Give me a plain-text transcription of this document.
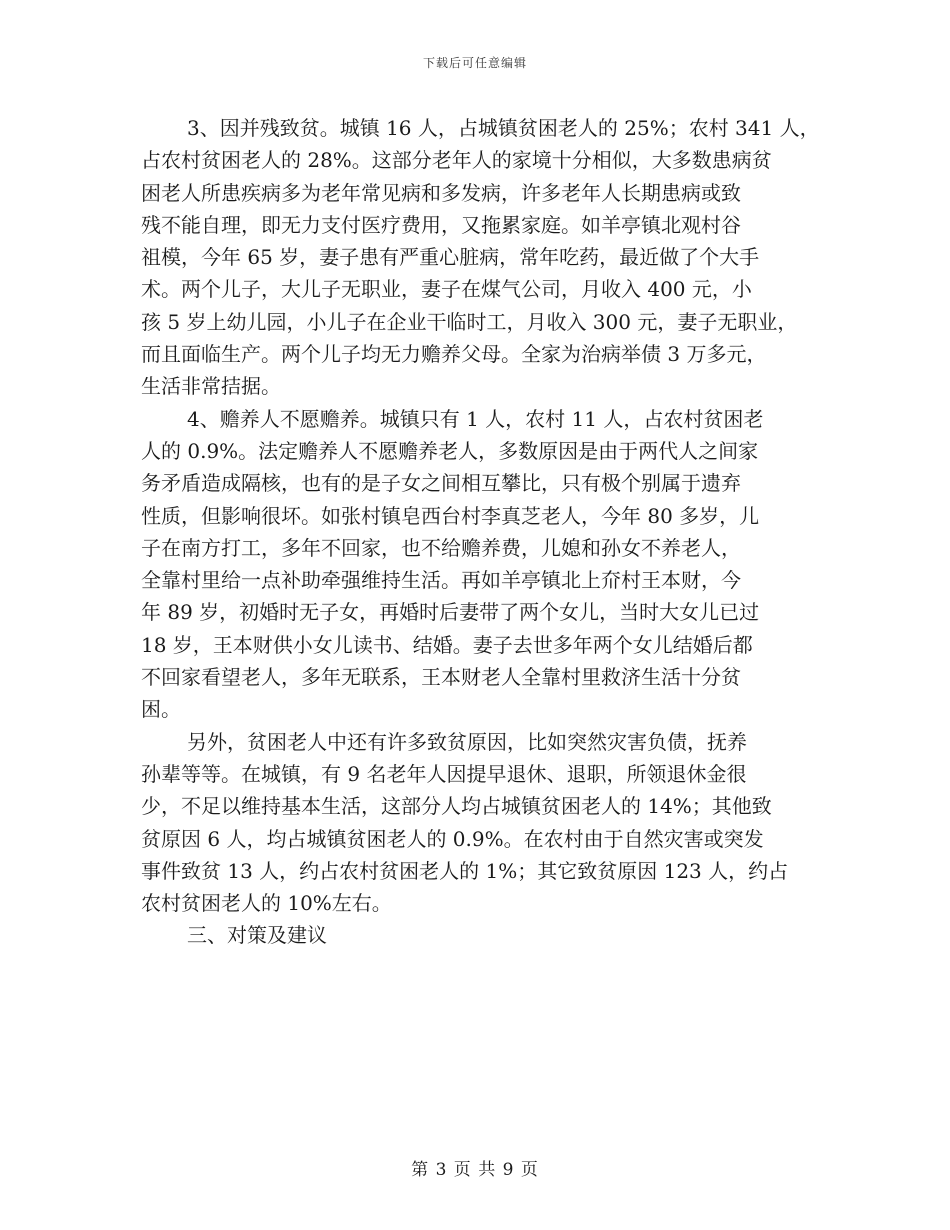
下载后可任意编辑
3、因并残致贫。城镇 16 人，占城镇贫困老人的 25%；农村 341 人，
占农村贫困老人的 28%。这部分老年人的家境十分相似，大多数患病贫
困老人所患疾病多为老年常见病和多发病，许多老年人长期患病或致
残不能自理，即无力支付医疗费用，又拖累家庭。如羊亭镇北观村谷
祖模，今年 65 岁，妻子患有严重心脏病，常年吃药，最近做了个大手
术。两个儿子，大儿子无职业，妻子在煤气公司，月收入 400 元，小
孩 5 岁上幼儿园，小儿子在企业干临时工，月收入 300 元，妻子无职业，
而且面临生产。两个儿子均无力赡养父母。全家为治病举债 3 万多元，
生活非常拮据。
4、赡养人不愿赡养。城镇只有 1 人，农村 11 人，占农村贫困老
人的 0.9%。法定赡养人不愿赡养老人，多数原因是由于两代人之间家
务矛盾造成隔核，也有的是子女之间相互攀比，只有极个别属于遗弃
性质，但影响很坏。如张村镇皂西台村李真芝老人，今年 80 多岁，儿
子在南方打工，多年不回家，也不给赡养费，儿媳和孙女不养老人，
全靠村里给一点补助牵强维持生活。再如羊亭镇北上夼村王本财，今
年 89 岁，初婚时无子女，再婚时后妻带了两个女儿，当时大女儿已过
18 岁，王本财供小女儿读书、结婚。妻子去世多年两个女儿结婚后都
不回家看望老人，多年无联系，王本财老人全靠村里救济生活十分贫
困。
另外，贫困老人中还有许多致贫原因，比如突然灾害负债，抚养
孙辈等等。在城镇，有 9 名老年人因提早退休、退职，所领退休金很
少，不足以维持基本生活，这部分人均占城镇贫困老人的 14%；其他致
贫原因 6 人，均占城镇贫困老人的 0.9%。在农村由于自然灾害或突发
事件致贫 13 人，约占农村贫困老人的 1%；其它致贫原因 123 人，约占
农村贫困老人的 10%左右。
三、对策及建议
第 3 页 共 9 页
